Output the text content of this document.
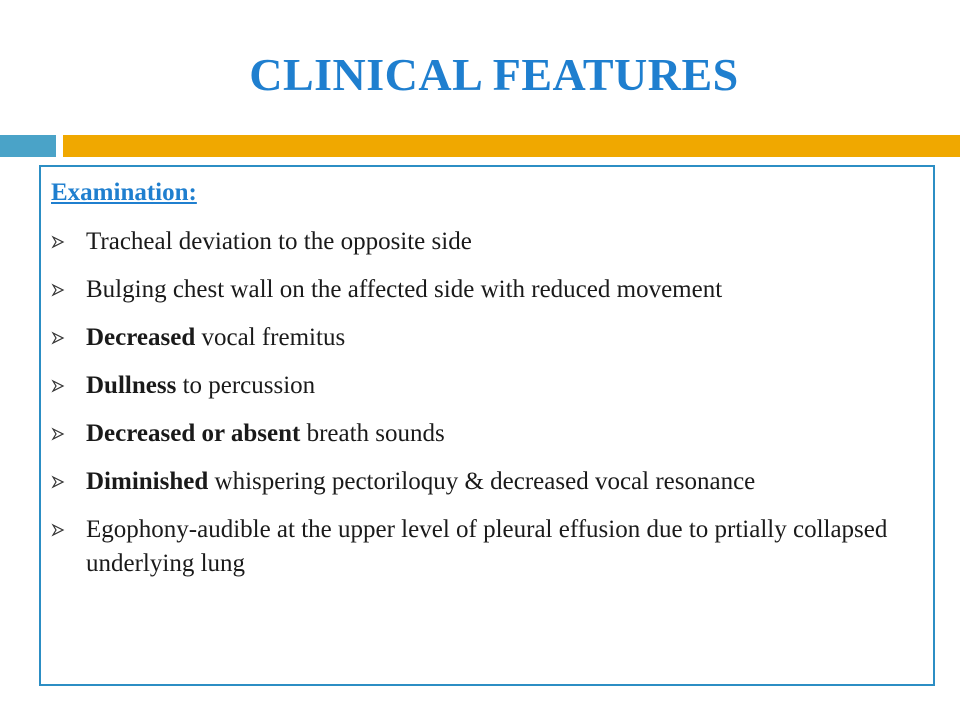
CLINICAL FEATURES
Examination:
Tracheal deviation to the opposite side
Bulging chest wall on the affected side with reduced movement
Decreased vocal fremitus
Dullness to percussion
Decreased or absent breath sounds
Diminished whispering pectoriloquy & decreased vocal resonance
Egophony-audible at the upper level of pleural effusion due to prtially collapsed underlying lung
